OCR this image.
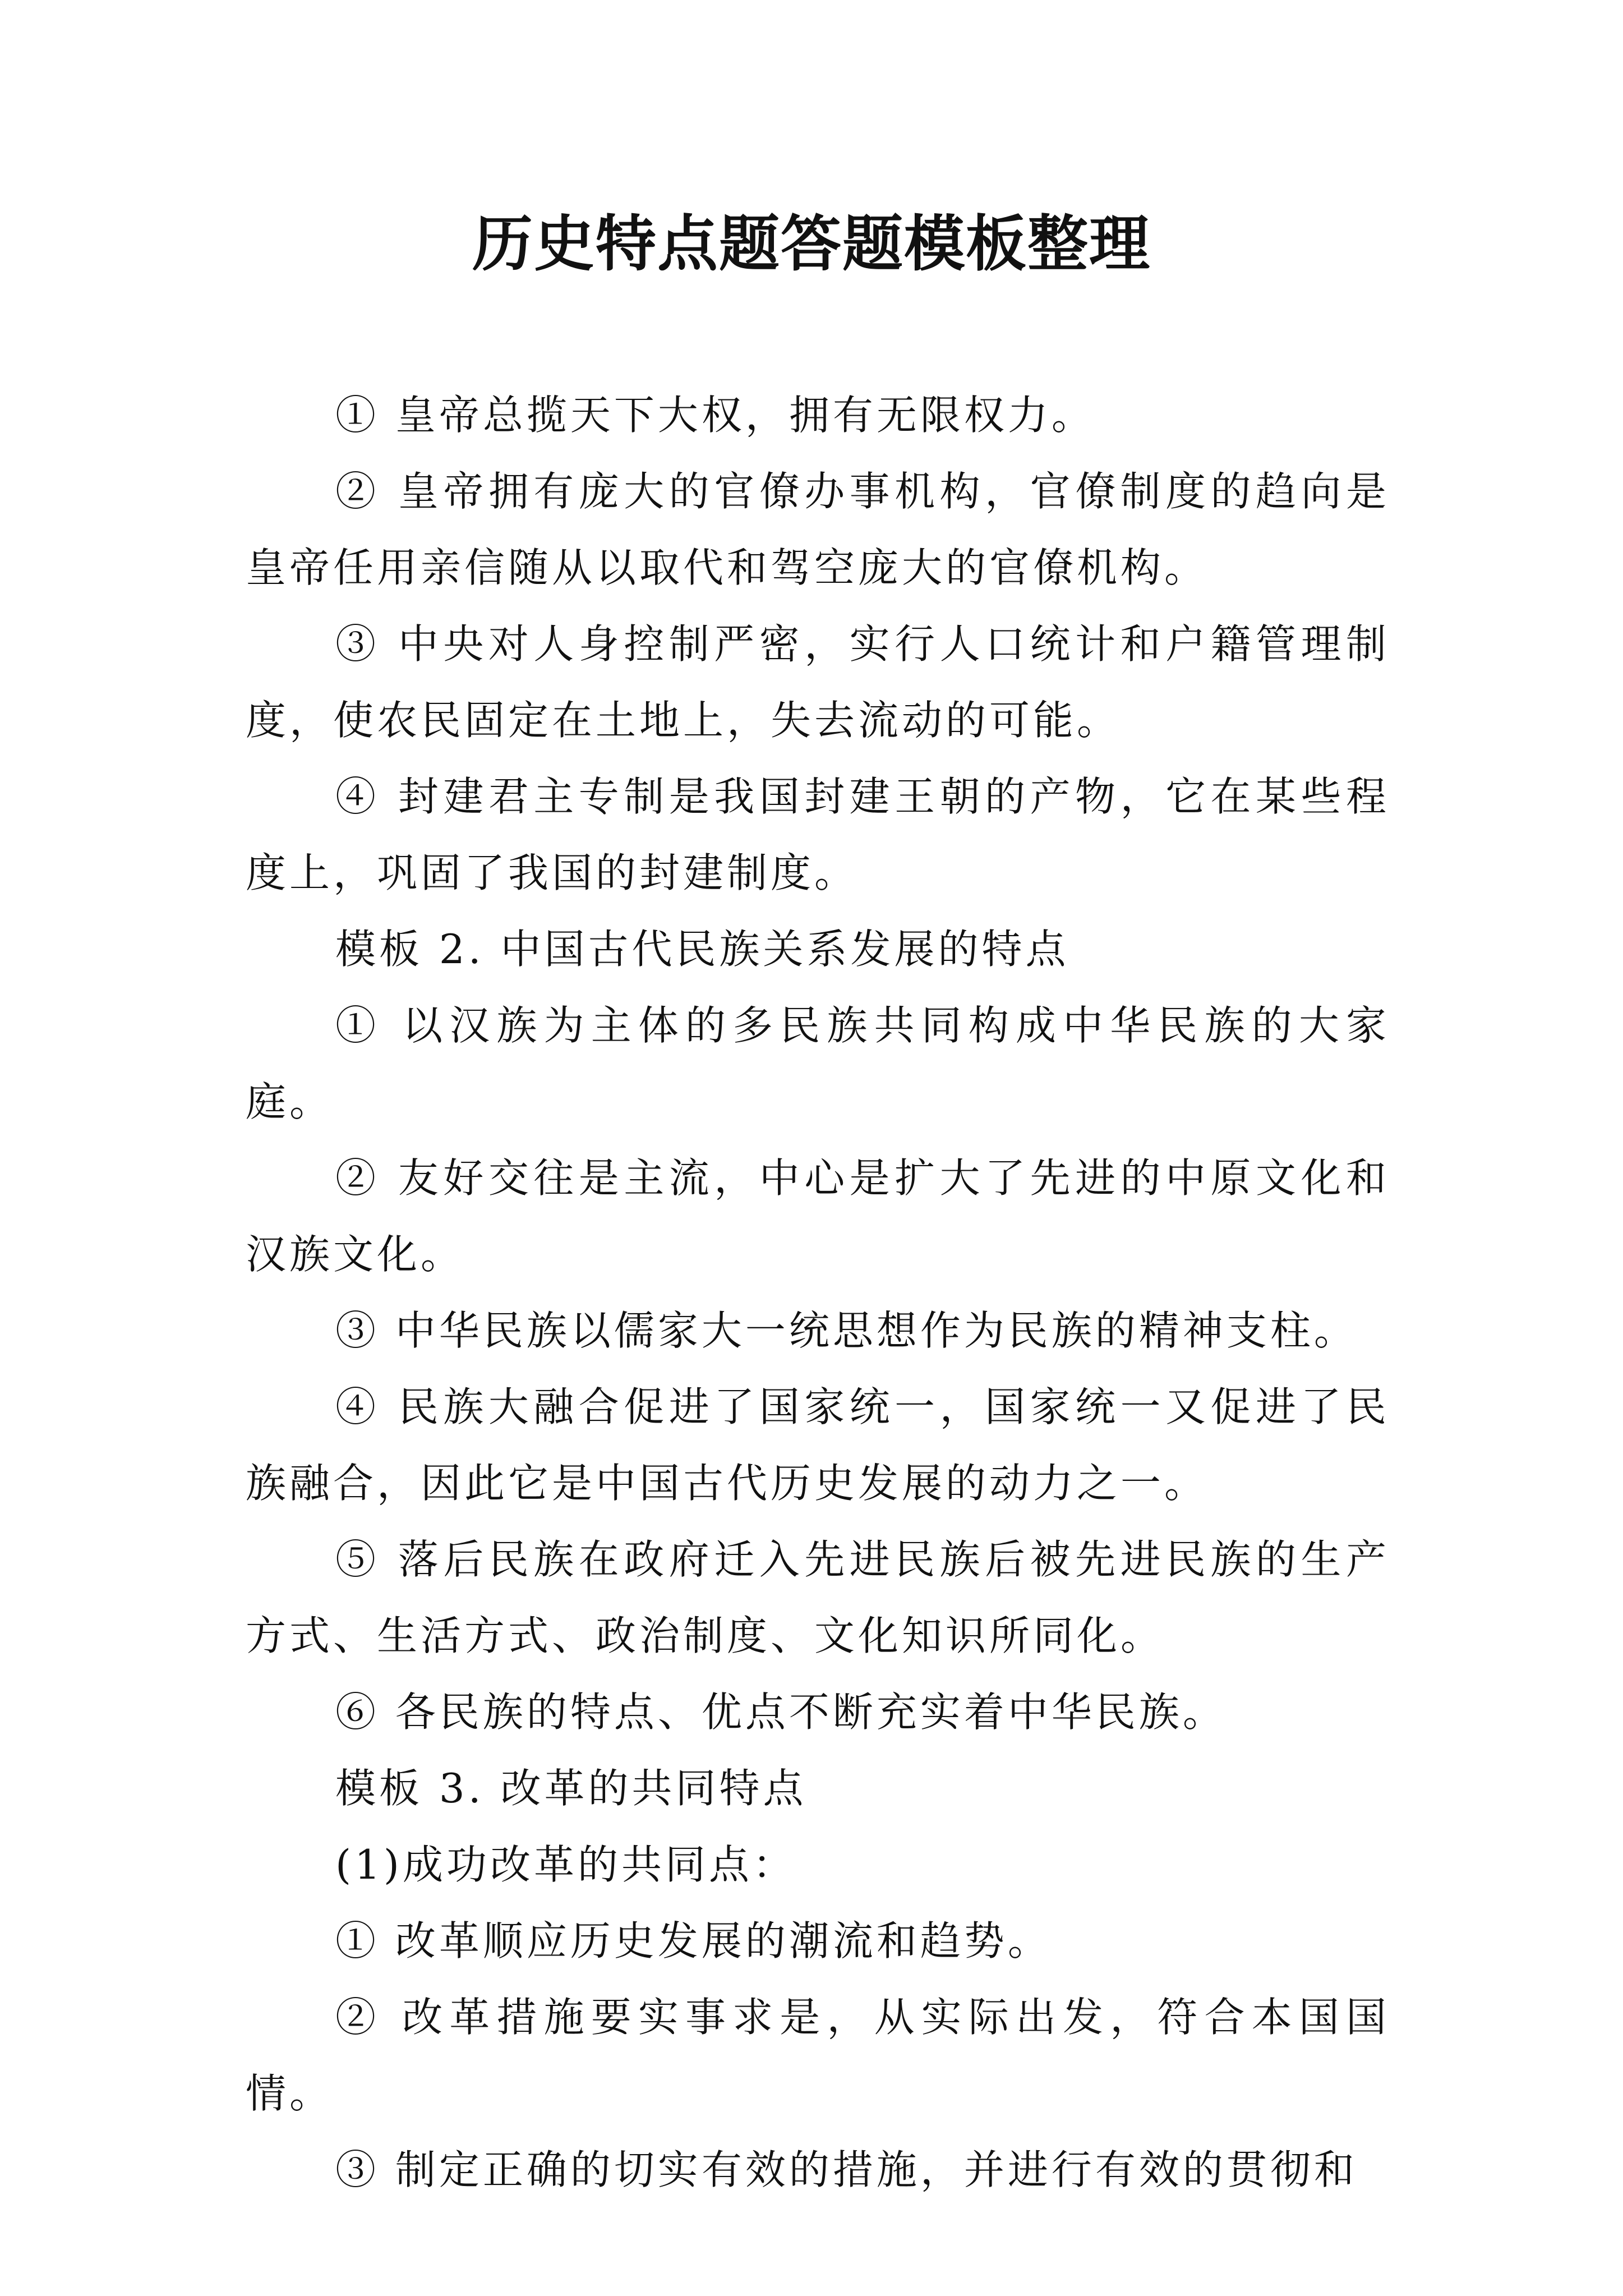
历史特点题答题模板整理

① 皇帝总揽天下大权，拥有无限权力。

② 皇帝拥有庞大的官僚办事机构，官僚制度的趋向是皇帝任用亲信随从以取代和驾空庞大的官僚机构。

③ 中央对人身控制严密，实行人口统计和户籍管理制度，使农民固定在土地上，失去流动的可能。

④ 封建君主专制是我国封建王朝的产物，它在某些程度上，巩固了我国的封建制度。

模板 2. 中国古代民族关系发展的特点

① 以汉族为主体的多民族共同构成中华民族的大家庭。

② 友好交往是主流，中心是扩大了先进的中原文化和汉族文化。

③ 中华民族以儒家大一统思想作为民族的精神支柱。

④ 民族大融合促进了国家统一，国家统一又促进了民族融合，因此它是中国古代历史发展的动力之一。

⑤ 落后民族在政府迁入先进民族后被先进民族的生产方式、生活方式、政治制度、文化知识所同化。

⑥ 各民族的特点、优点不断充实着中华民族。

模板 3. 改革的共同特点

(1)成功改革的共同点：

① 改革顺应历史发展的潮流和趋势。

② 改革措施要实事求是，从实际出发，符合本国国情。

③ 制定正确的切实有效的措施，并进行有效的贯彻和
